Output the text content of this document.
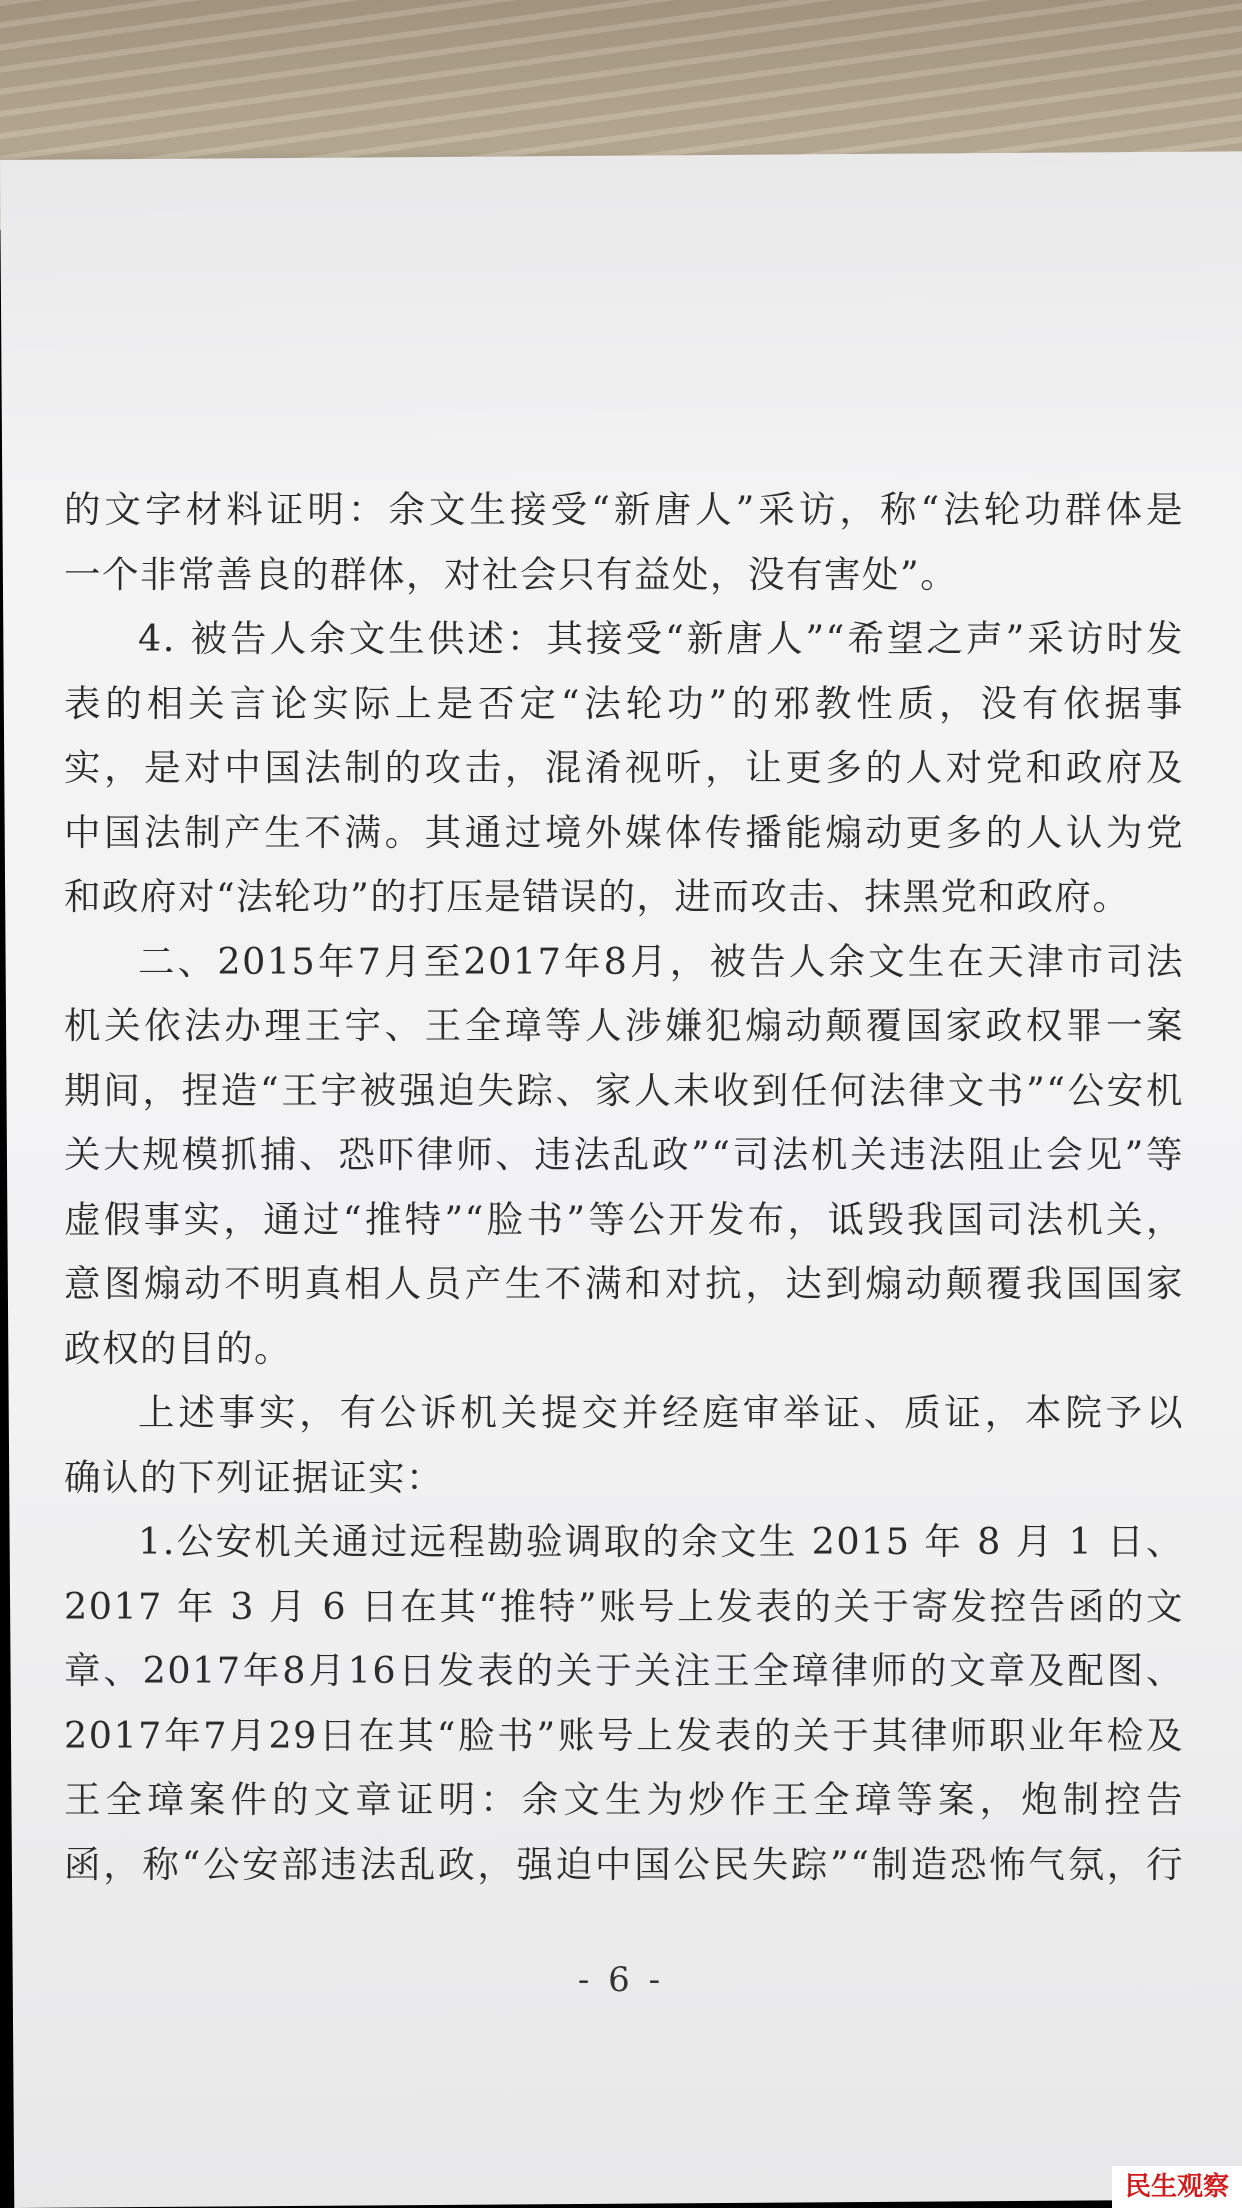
的文字材料证明：余文生接受“新唐人”采访，称“法轮功群体是
一个非常善良的群体，对社会只有益处，没有害处”。
4. 被告人余文生供述：其接受“新唐人”“希望之声”采访时发
表的相关言论实际上是否定“法轮功”的邪教性质，没有依据事
实，是对中国法制的攻击，混淆视听，让更多的人对党和政府及
中国法制产生不满。其通过境外媒体传播能煽动更多的人认为党
和政府对“法轮功”的打压是错误的，进而攻击、抹黑党和政府。
二、2015年7月至2017年8月，被告人余文生在天津市司法
机关依法办理王宇、王全璋等人涉嫌犯煽动颠覆国家政权罪一案
期间，捏造“王宇被强迫失踪、家人未收到任何法律文书”“公安机
关大规模抓捕、恐吓律师、违法乱政”“司法机关违法阻止会见”等
虚假事实，通过“推特”“脸书”等公开发布，诋毁我国司法机关，
意图煽动不明真相人员产生不满和对抗，达到煽动颠覆我国国家
政权的目的。
上述事实，有公诉机关提交并经庭审举证、质证，本院予以
确认的下列证据证实：
1.公安机关通过远程勘验调取的余文生 2015 年 8 月 1 日、
2017 年 3 月 6 日在其“推特”账号上发表的关于寄发控告函的文
章、2017年8月16日发表的关于关注王全璋律师的文章及配图、
2017年7月29日在其“脸书”账号上发表的关于其律师职业年检及
王全璋案件的文章证明：余文生为炒作王全璋等案，炮制控告
函，称“公安部违法乱政，强迫中国公民失踪”“制造恐怖气氛，行
- 6 -
民生观察
